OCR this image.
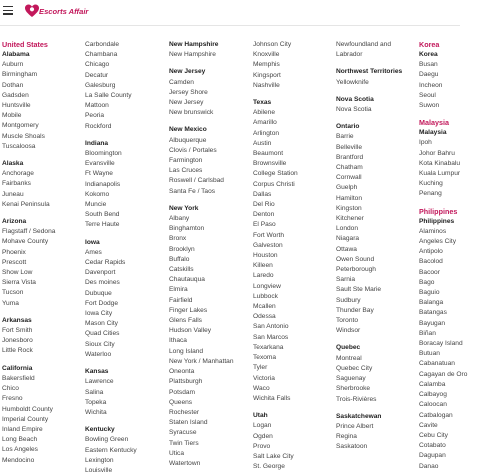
Escorts Affair
United States
Alabama
Auburn
Birmingham
Dothan
Gadsden
Huntsville
Mobile
Montgomery
Muscle Shoals
Tuscaloosa
Alaska
Anchorage
Fairbanks
Juneau
Kenai Peninsula
Arizona
Flagstaff / Sedona
Mohave County
Phoenix
Prescott
Show Low
Sierra Vista
Tucson
Yuma
Arkansas
Fort Smith
Jonesboro
Little Rock
California
Bakersfield
Chico
Fresno
Humboldt County
Imperial County
Inland Empire
Long Beach
Los Angeles
Mendocino
Carbondale
Chambana
Chicago
Decatur
Galesburg
La Salle County
Mattoon
Peoria
Rockford
Indiana
Bloomington
Evansville
Ft Wayne
Indianapolis
Kokomo
Muncie
South Bend
Terre Haute
Iowa
Ames
Cedar Rapids
Davenport
Des moines
Dubuque
Fort Dodge
Iowa City
Mason City
Quad Cities
Sioux City
Waterloo
Kansas
Lawrence
Salina
Topeka
Wichita
Kentucky
Bowling Green
Eastern Kentucky
Lexington
Louisville
New Hampshire
New Hampshire
New Jersey
Camden
Jersey Shore
New Jersey
New brunswick
New Mexico
Albuquerque
Clovis / Portales
Farmington
Las Cruces
Roswell / Carlsbad
Santa Fe / Taos
New York
Albany
Binghamton
Bronx
Brooklyn
Buffalo
Catskills
Chautauqua
Elmira
Fairfield
Finger Lakes
Glens Falls
Hudson Valley
Ithaca
Long Island
New York / Manhattan
Oneonta
Plattsburgh
Potsdam
Queens
Rochester
Staten Island
Syracuse
Twin Tiers
Utica
Watertown
Johnson City
Knoxville
Memphis
Kingsport
Nashville
Texas
Abilene
Amarillo
Arlington
Austin
Beaumont
Brownsville
College Station
Corpus Christi
Dallas
Del Rio
Denton
El Paso
Fort Worth
Galveston
Houston
Killeen
Laredo
Longview
Lubbock
Mcallen
Odessa
San Antonio
San Marcos
Texarkana
Texoma
Tyler
Victoria
Waco
Wichita Falls
Utah
Logan
Ogden
Provo
Salt Lake City
St. George
Newfoundland and
Labrador
Northwest Territories
Yellowknife
Nova Scotia
Nova Scotia
Ontario
Barrie
Belleville
Brantford
Chatham
Cornwall
Guelph
Hamilton
Kingston
Kitchener
London
Niagara
Ottawa
Owen Sound
Peterborough
Sarnia
Sault Ste Marie
Sudbury
Thunder Bay
Toronto
Windsor
Quebec
Montreal
Quebec City
Saguenay
Sherbrooke
Trois-Rivières
Saskatchewan
Prince Albert
Regina
Saskatoon
Korea
Korea
Busan
Daegu
Incheon
Seoul
Suwon
Malaysia
Malaysia
Ipoh
Johor Bahru
Kota Kinabalu
Kuala Lumpur
Kuching
Penang
Philippines
Philippines
Alaminos
Angeles City
Antipolo
Bacolod
Bacoor
Bago
Baguio
Balanga
Batangas
Bayugan
Biñan
Boracay Island
Butuan
Cabanatuan
Cagayan de Oro
Calamba
Calbayog
Caloocan
Catbalogan
Cavite
Cebu City
Cotabato
Dagupan
Danao
